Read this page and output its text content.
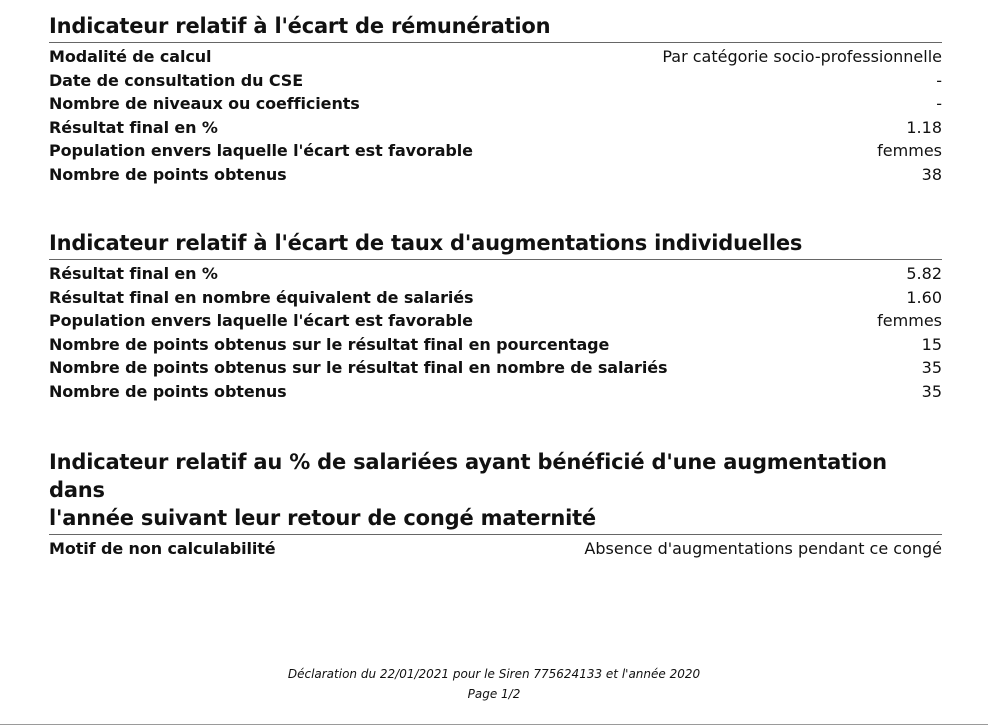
Indicateur relatif à l'écart de rémunération
Modalité de calcul	Par catégorie socio-professionnelle
Date de consultation du CSE	-
Nombre de niveaux ou coefficients	-
Résultat final en %	1.18
Population envers laquelle l'écart est favorable	femmes
Nombre de points obtenus	38
Indicateur relatif à l'écart de taux d'augmentations individuelles
Résultat final en %	5.82
Résultat final en nombre équivalent de salariés	1.60
Population envers laquelle l'écart est favorable	femmes
Nombre de points obtenus sur le résultat final en pourcentage	15
Nombre de points obtenus sur le résultat final en nombre de salariés	35
Nombre de points obtenus	35
Indicateur relatif au % de salariées ayant bénéficié d'une augmentation dans
l'année suivant leur retour de congé maternité
Motif de non calculabilité	Absence d'augmentations pendant ce congé
Déclaration du 22/01/2021 pour le Siren 775624133 et l'année 2020
Page 1/2
